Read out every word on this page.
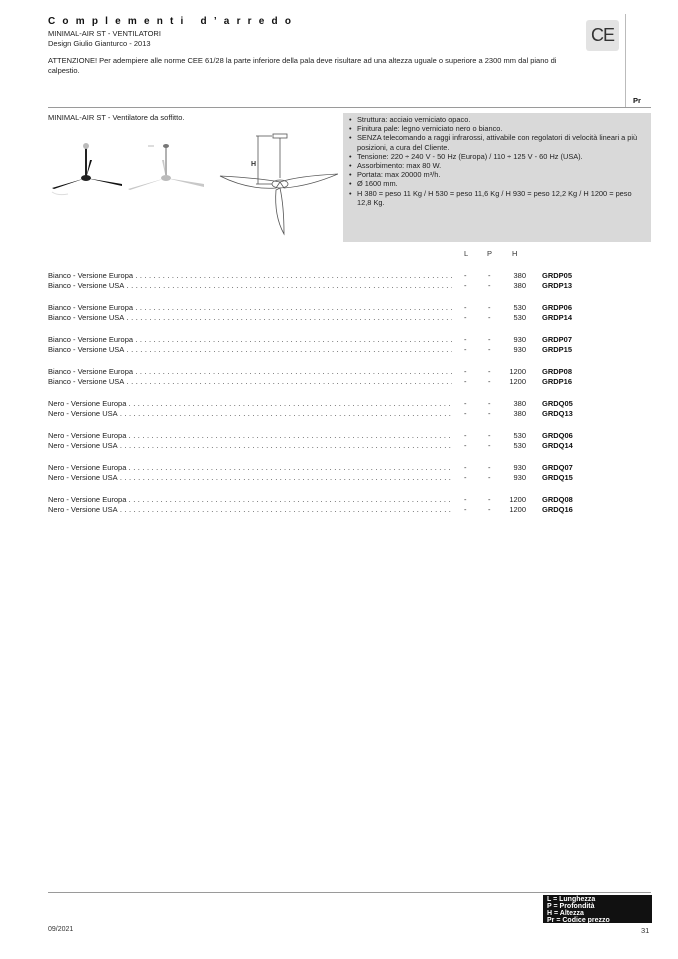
Complementi d’arredo
MINIMAL-AIR ST - VENTILATORI
Design Giulio Gianturco - 2013	CE
ATTENZIONE! Per adempiere alle norme CEE 61/28 la parte inferiore della pala deve risultare ad una altezza uguale o superiore a 2300 mm dal piano di calpestio.
Pr
MINIMAL-AIR ST - Ventilatore da soffitto.
H
• Struttura: acciaio verniciato opaco.
• Finitura pale: legno verniciato nero o bianco.
• SENZA telecomando a raggi infrarossi, attivabile con regolatori di velocità lineari a più posizioni, a cura del Cliente.
• Tensione: 220 ÷ 240 V - 50 Hz (Europa) / 110 ÷ 125 V - 60 Hz (USA).
• Assorbimento: max 80 W.
• Portata: max 20000 m³/h.
• Ø 1600 mm.
• H 380 = peso 11 Kg / H 530 = peso 11,6 Kg / H 930 = peso 12,2 Kg / H 1200 = peso 12,8 Kg.
L	P	H
Bianco - Versione Europa . . .	-	-	380 GRDP05
Bianco - Versione USA . . .	-	-	380 GRDP13
Bianco - Versione Europa . . .	-	-	530 GRDP06
Bianco - Versione USA . . .	-	-	530 GRDP14
Bianco - Versione Europa . . .	-	-	930 GRDP07
Bianco - Versione USA . . .	-	-	930 GRDP15
Bianco - Versione Europa . . .	-	-	1200 GRDP08
Bianco - Versione USA . . .	-	-	1200 GRDP16
Nero - Versione Europa . . .	-	-	380 GRDQ05
Nero - Versione USA . . .	-	-	380 GRDQ13
Nero - Versione Europa . . .	-	-	530 GRDQ06
Nero - Versione USA . . .	-	-	530 GRDQ14
Nero - Versione Europa . . .	-	-	930 GRDQ07
Nero - Versione USA . . .	-	-	930 GRDQ15
Nero - Versione Europa . . .	-	-	1200 GRDQ08
Nero - Versione USA . . .	-	-	1200 GRDQ16
L = Lunghezza
P = Profondità
H = Altezza
Pr = Codice prezzo
09/2021	31
